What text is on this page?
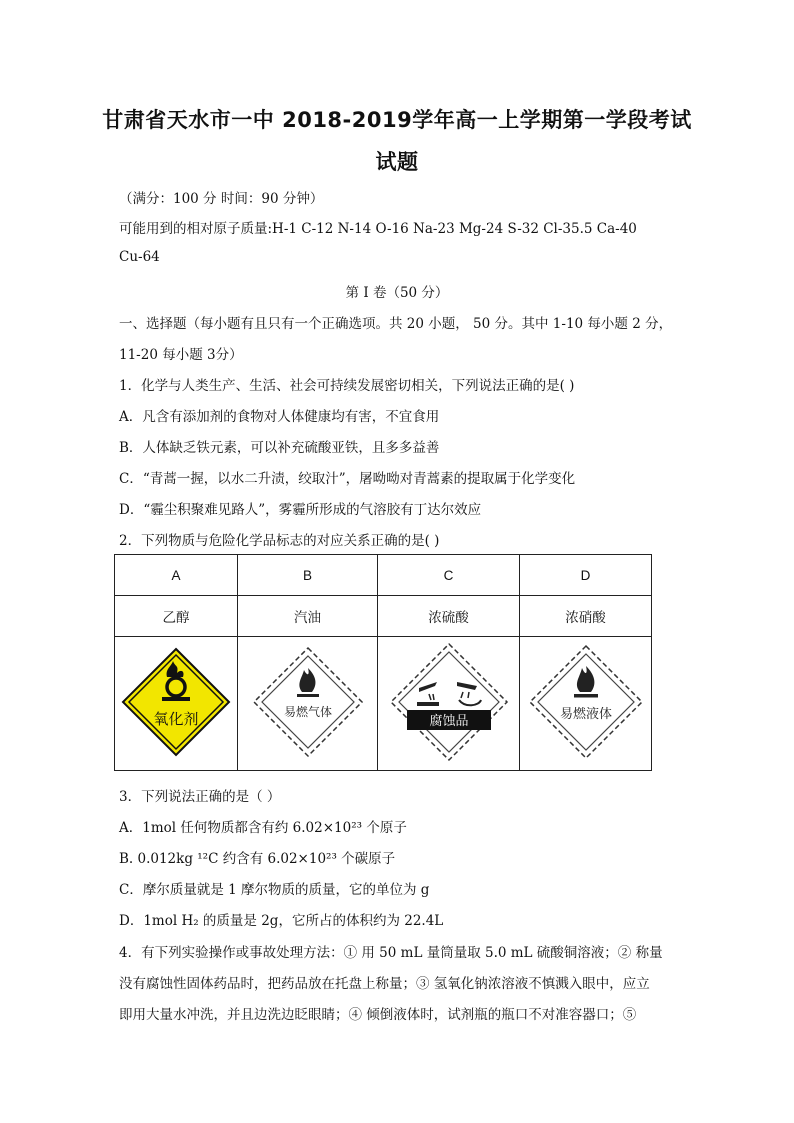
甘肃省天水市一中 2018-2019学年高一上学期第一学段考试
试题
（满分：100 分 时间：90 分钟）
可能用到的相对原子质量:H-1 C-12 N-14 O-16 Na-23 Mg-24 S-32 Cl-35.5 Ca-40
Cu-64
第 I 卷（50 分）
一、选择题（每小题有且只有一个正确选项。共 20 小题， 50 分。其中 1-10 每小题 2 分，
11-20 每小题 3分）
1．化学与人类生产、生活、社会可持续发展密切相关，下列说法正确的是( )
A．凡含有添加剂的食物对人体健康均有害，不宜食用
B．人体缺乏铁元素，可以补充硫酸亚铁，且多多益善
C．“青蒿一握，以水二升渍，绞取汁”，屠呦呦对青蒿素的提取属于化学变化
D．“霾尘积聚难见路人”，雾霾所形成的气溶胶有丁达尔效应
2．下列物质与危险化学品标志的对应关系正确的是( )
A	B	C	D
乙醇	汽油	浓硫酸	浓硝酸

氧化剂	易燃气体	腐蚀品	易燃液体
3．下列说法正确的是（ ）
A．1mol 任何物质都含有约 6.02×10²³ 个原子
B. 0.012kg ¹²C 约含有 6.02×10²³ 个碳原子
C．摩尔质量就是 1 摩尔物质的质量，它的单位为 g
D．1mol H₂ 的质量是 2g，它所占的体积约为 22.4L
4．有下列实验操作或事故处理方法：① 用 50 mL 量筒量取 5.0 mL 硫酸铜溶液；② 称量
没有腐蚀性固体药品时，把药品放在托盘上称量；③ 氢氧化钠浓溶液不慎溅入眼中，应立
即用大量水冲洗，并且边洗边眨眼睛；④ 倾倒液体时，试剂瓶的瓶口不对准容器口；⑤
